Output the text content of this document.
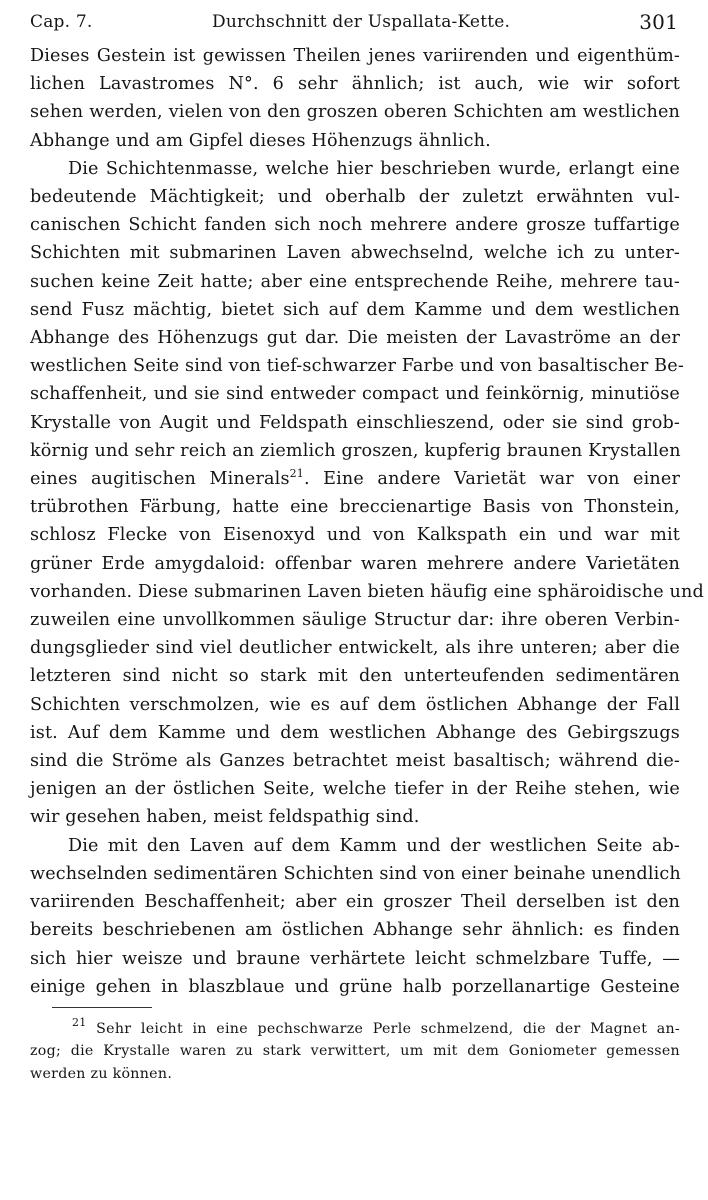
Cap. 7.	Durchschnitt der Uspallata-Kette.	301
Dieses Gestein ist gewissen Theilen jenes variirenden und eigenthüm-
lichen Lavastromes N°. 6 sehr ähnlich; ist auch, wie wir sofort
sehen werden, vielen von den groszen oberen Schichten am westlichen
Abhange und am Gipfel dieses Höhenzugs ähnlich.
Die Schichtenmasse, welche hier beschrieben wurde, erlangt eine
bedeutende Mächtigkeit; und oberhalb der zuletzt erwähnten vul-
canischen Schicht fanden sich noch mehrere andere grosze tuffartige
Schichten mit submarinen Laven abwechselnd, welche ich zu unter-
suchen keine Zeit hatte; aber eine entsprechende Reihe, mehrere tau-
send Fusz mächtig, bietet sich auf dem Kamme und dem westlichen
Abhange des Höhenzugs gut dar. Die meisten der Lavaströme an der
westlichen Seite sind von tief-schwarzer Farbe und von basaltischer Be-
schaffenheit, und sie sind entweder compact und feinkörnig, minutiöse
Krystalle von Augit und Feldspath einschlieszend, oder sie sind grob-
körnig und sehr reich an ziemlich groszen, kupferig braunen Krystallen
eines augitischen Minerals$^{21}$. Eine andere Varietät war von einer
trübrothen Färbung, hatte eine breccienartige Basis von Thonstein,
schlosz Flecke von Eisenoxyd und von Kalkspath ein und war mit
grüner Erde amygdaloid: offenbar waren mehrere andere Varietäten
vorhanden. Diese submarinen Laven bieten häufig eine sphäroidische und
zuweilen eine unvollkommen säulige Structur dar: ihre oberen Verbin-
dungsglieder sind viel deutlicher entwickelt, als ihre unteren; aber die
letzteren sind nicht so stark mit den unterteufenden sedimentären
Schichten verschmolzen, wie es auf dem östlichen Abhange der Fall
ist. Auf dem Kamme und dem westlichen Abhange des Gebirgszugs
sind die Ströme als Ganzes betrachtet meist basaltisch; während die-
jenigen an der östlichen Seite, welche tiefer in der Reihe stehen, wie
wir gesehen haben, meist feldspathig sind.
Die mit den Laven auf dem Kamm und der westlichen Seite ab-
wechselnden sedimentären Schichten sind von einer beinahe unendlich
variirenden Beschaffenheit; aber ein groszer Theil derselben ist den
bereits beschriebenen am östlichen Abhange sehr ähnlich: es finden
sich hier weisze und braune verhärtete leicht schmelzbare Tuffe, —
einige gehen in blaszblaue und grüne halb porzellanartige Gesteine
$^{21}$ Sehr leicht in eine pechschwarze Perle schmelzend, die der Magnet an-
zog; die Krystalle waren zu stark verwittert, um mit dem Goniometer gemessen
werden zu können.
